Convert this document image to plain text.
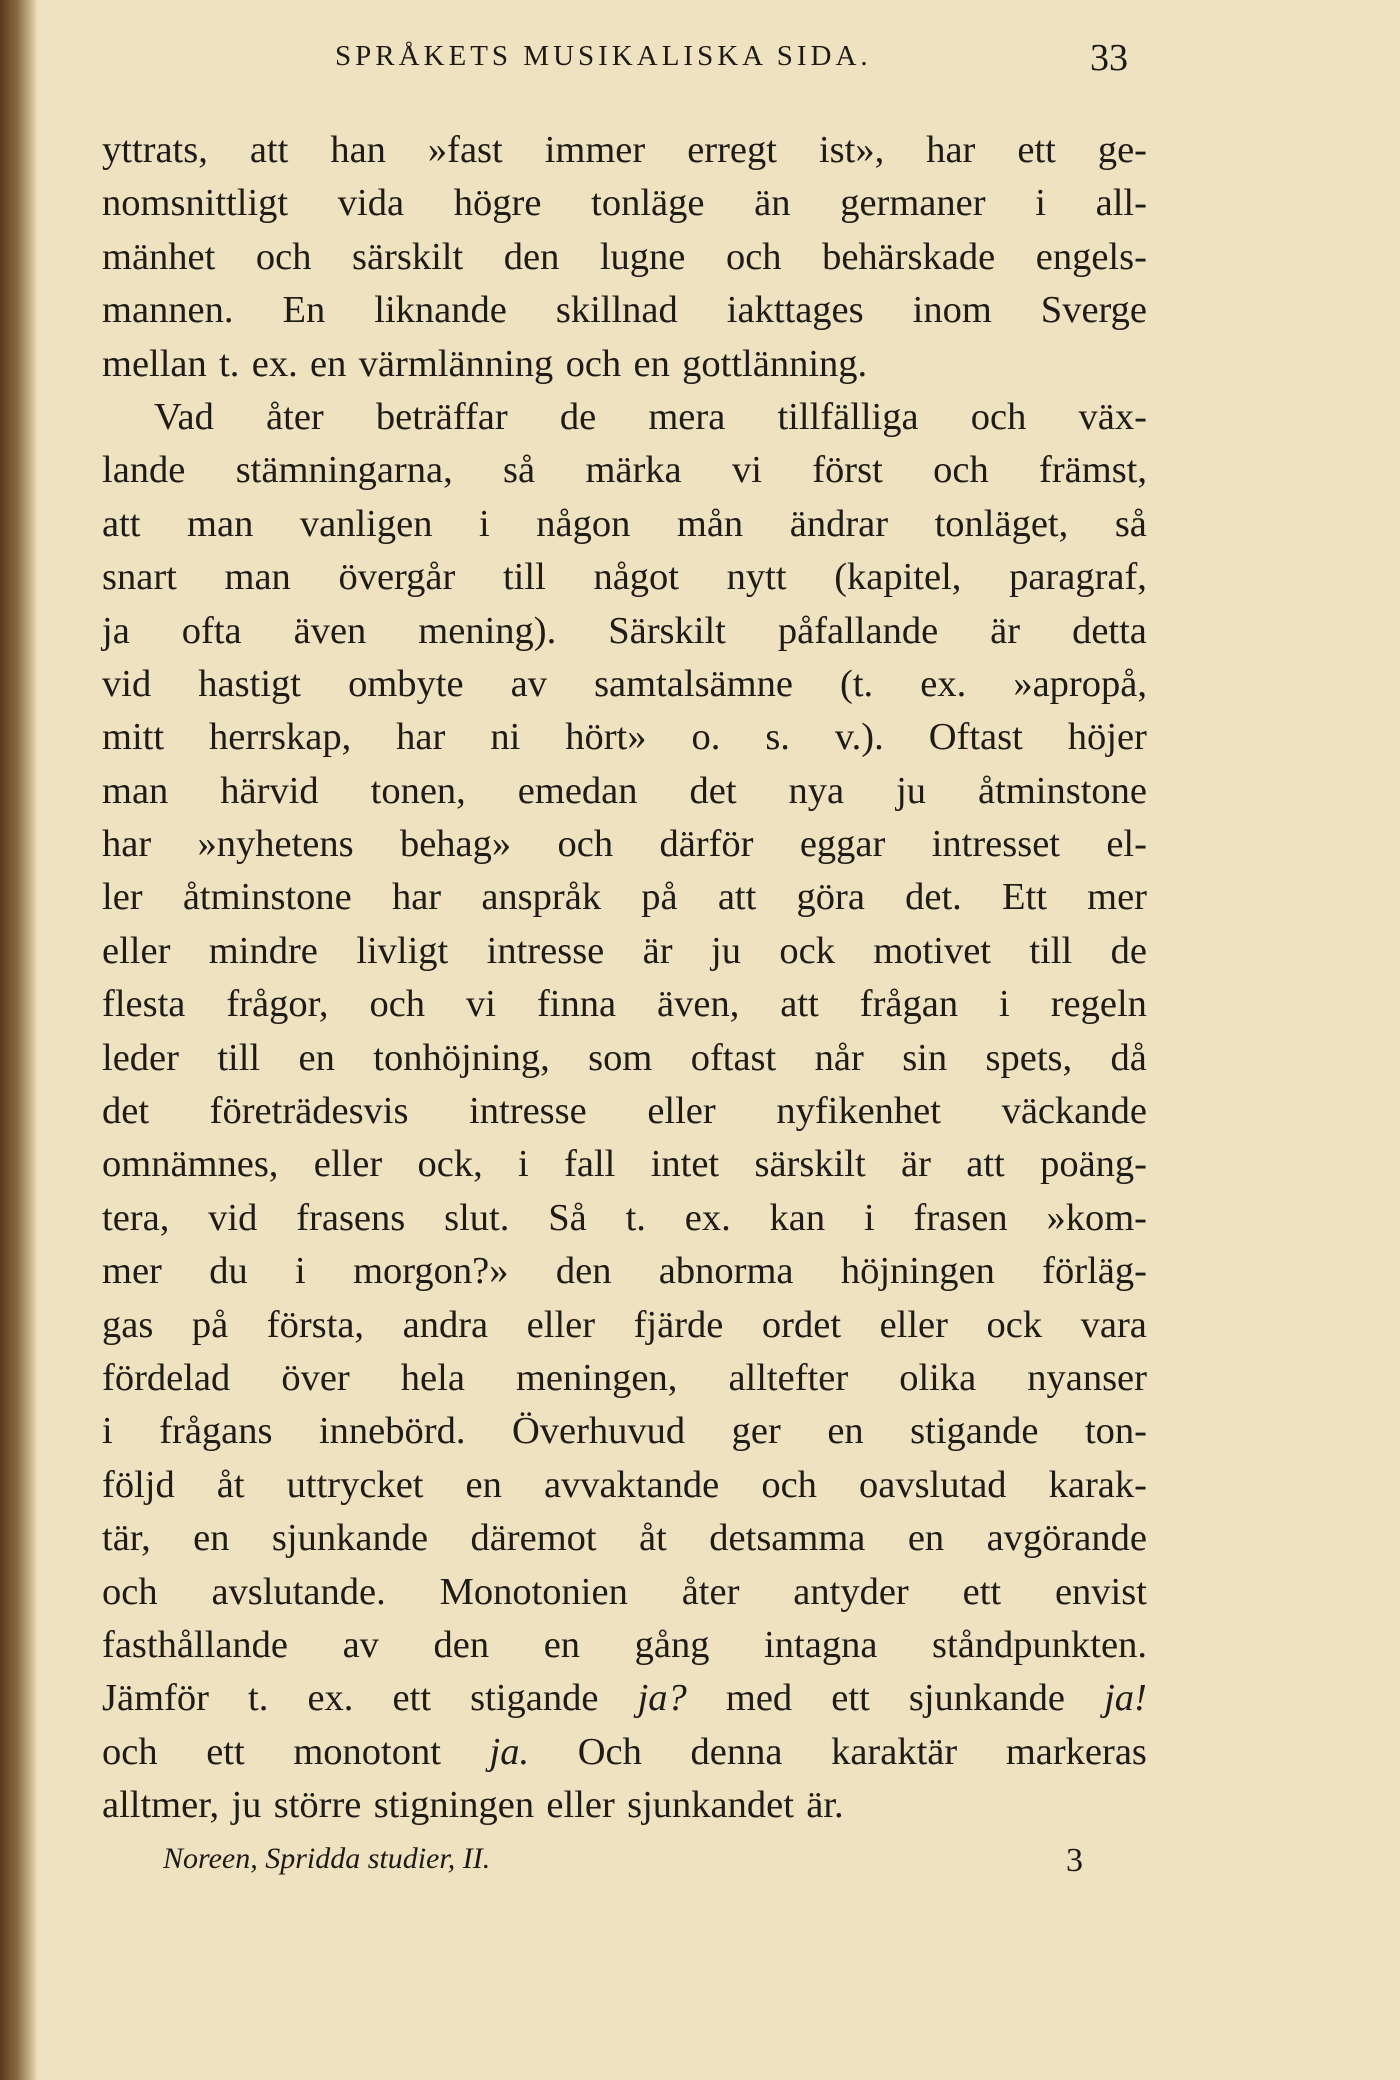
SPRÅKETS MUSIKALISKA SIDA.	33
yttrats, att han »fast immer erregt ist», har ett ge-
nomsnittligt vida högre tonläge än germaner i all-
mänhet och särskilt den lugne och behärskade engels-
mannen. En liknande skillnad iakttages inom Sverge
mellan t. ex. en värmlänning och en gottlänning.
Vad åter beträffar de mera tillfälliga och väx-
lande stämningarna, så märka vi först och främst,
att man vanligen i någon mån ändrar tonläget, så
snart man övergår till något nytt (kapitel, paragraf,
ja ofta även mening). Särskilt påfallande är detta
vid hastigt ombyte av samtalsämne (t. ex. »apropå,
mitt herrskap, har ni hört» o. s. v.). Oftast höjer
man härvid tonen, emedan det nya ju åtminstone
har »nyhetens behag» och därför eggar intresset el-
ler åtminstone har anspråk på att göra det. Ett mer
eller mindre livligt intresse är ju ock motivet till de
flesta frågor, och vi finna även, att frågan i regeln
leder till en tonhöjning, som oftast når sin spets, då
det företrädesvis intresse eller nyfikenhet väckande
omnämnes, eller ock, i fall intet särskilt är att poäng-
tera, vid frasens slut. Så t. ex. kan i frasen »kom-
mer du i morgon?» den abnorma höjningen förläg-
gas på första, andra eller fjärde ordet eller ock vara
fördelad över hela meningen, alltefter olika nyanser
i frågans innebörd. Överhuvud ger en stigande ton-
följd åt uttrycket en avvaktande och oavslutad karak-
tär, en sjunkande däremot åt detsamma en avgörande
och avslutande. Monotonien åter antyder ett envist
fasthållande av den en gång intagna ståndpunkten.
Jämför t. ex. ett stigande ja? med ett sjunkande ja!
och ett monotont ja. Och denna karaktär markeras
alltmer, ju större stigningen eller sjunkandet är.
Noreen, Spridda studier, II.	3
